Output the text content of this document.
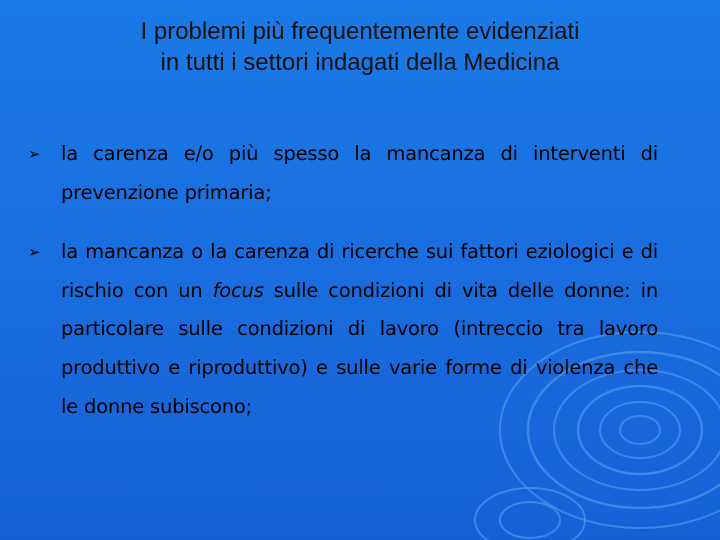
I problemi più frequentemente evidenziati
in tutti i settori indagati della Medicina
➢ la carenza e/o più spesso la mancanza di interventi di prevenzione primaria;
➢ la mancanza o la carenza di ricerche sui fattori eziologici e di rischio con un focus sulle condizioni di vita delle donne: in particolare sulle condizioni di lavoro (intreccio tra lavoro produttivo e riproduttivo) e sulle varie forme di violenza che le donne subiscono;
